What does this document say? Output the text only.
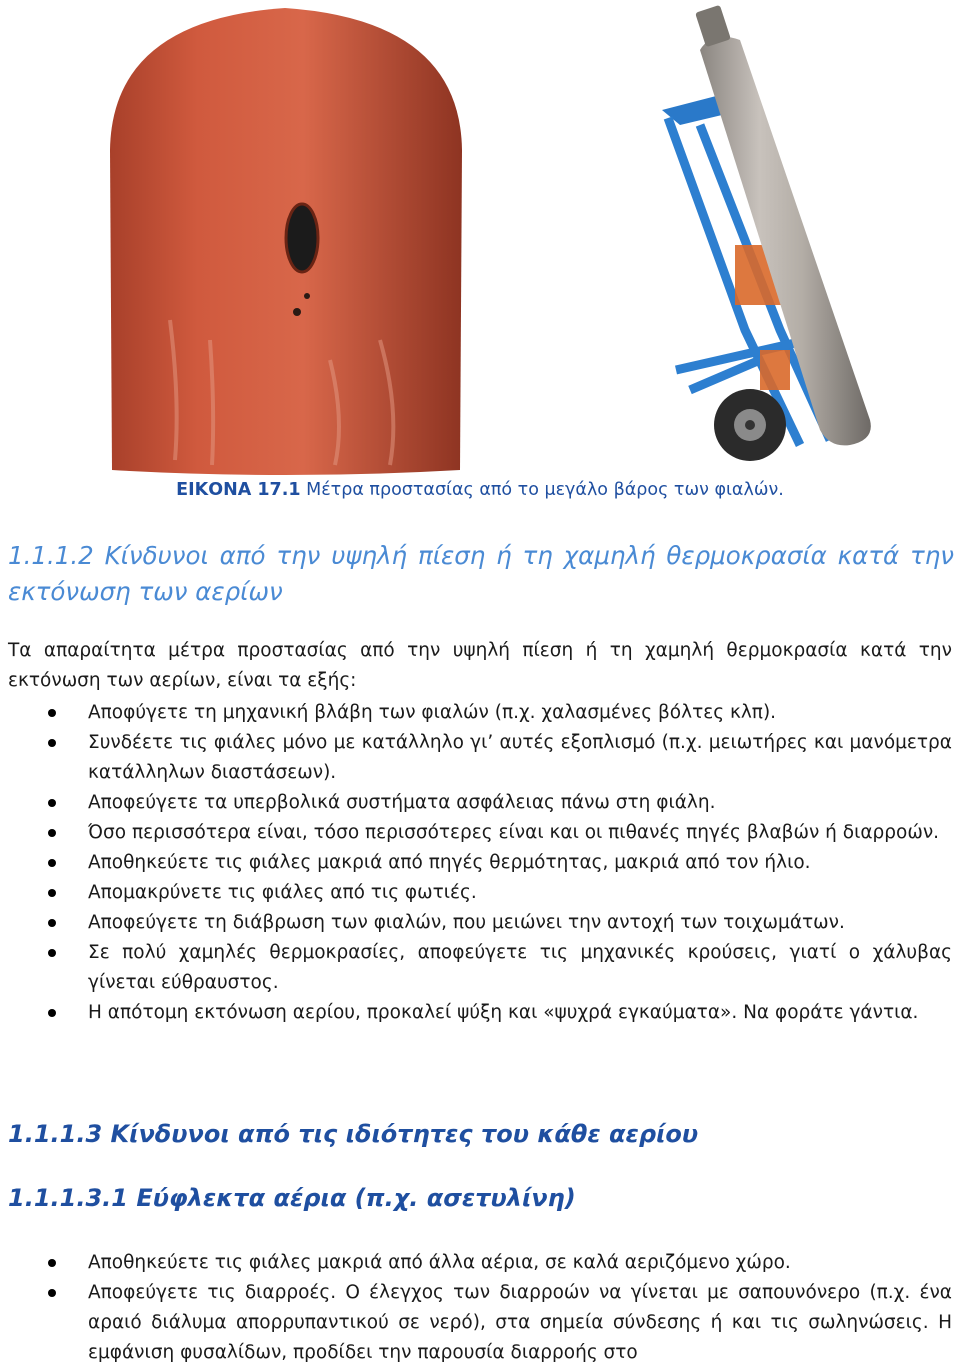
ΕΙΚΟΝΑ 17.1 Μέτρα προστασίας από το μεγάλο βάρος των φιαλών.
1.1.1.2 Κίνδυνοι από την υψηλή πίεση ή τη χαμηλή θερμοκρασία κατά την εκτόνωση των αερίων
Τα απαραίτητα μέτρα προστασίας από την υψηλή πίεση ή τη χαμηλή θερμοκρασία κατά την εκτόνωση των αερίων, είναι τα εξής:
Αποφύγετε τη μηχανική βλάβη των φιαλών (π.χ. χαλασμένες βόλτες κλπ).
Συνδέετε τις φιάλες μόνο με κατάλληλο γι’ αυτές εξοπλισμό (π.χ. μειωτήρες και μανόμετρα κατάλληλων διαστάσεων).
Αποφεύγετε τα υπερβολικά συστήματα ασφάλειας πάνω στη φιάλη.
Όσο περισσότερα είναι, τόσο περισσότερες είναι και οι πιθανές πηγές βλαβών ή διαρροών.
Αποθηκεύετε τις φιάλες μακριά από πηγές θερμότητας, μακριά από τον ήλιο.
Απομακρύνετε τις φιάλες από τις φωτιές.
Αποφεύγετε τη διάβρωση των φιαλών, που μειώνει την αντοχή των τοιχωμάτων.
Σε πολύ χαμηλές θερμοκρασίες, αποφεύγετε τις μηχανικές κρούσεις, γιατί ο χάλυβας γίνεται εύθραυστος.
Η απότομη εκτόνωση αερίου, προκαλεί ψύξη και «ψυχρά εγκαύματα». Να φοράτε γάντια.
1.1.1.3 Κίνδυνοι από τις ιδιότητες του κάθε αερίου
1.1.1.3.1 Εύφλεκτα αέρια (π.χ. ασετυλίνη)
Αποθηκεύετε τις φιάλες μακριά από άλλα αέρια, σε καλά αεριζόμενο χώρο.
Αποφεύγετε τις διαρροές. Ο έλεγχος των διαρροών να γίνεται με σαπουνόνερο (π.χ. ένα αραιό διάλυμα απορρυπαντικού σε νερό), στα σημεία σύνδεσης ή και τις σωληνώσεις. Η εμφάνιση φυσαλίδων, προδίδει την παρουσία διαρροής στο
